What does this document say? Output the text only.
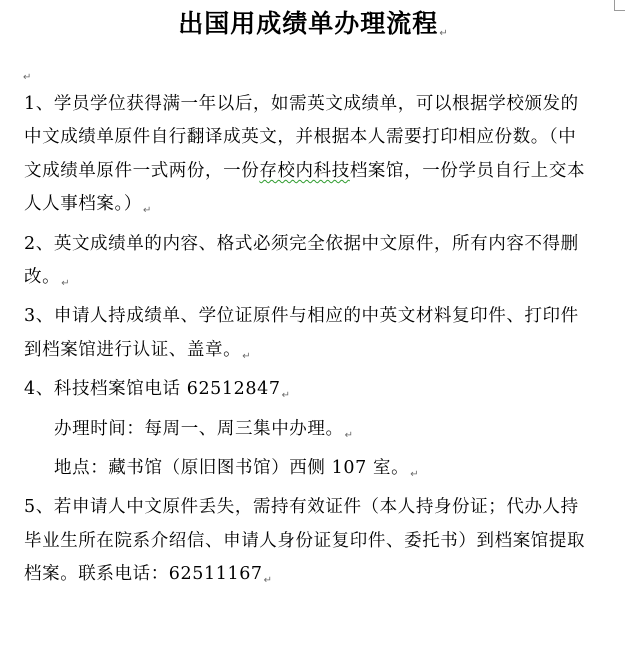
出国用成绩单办理流程↵
$_↵$

1、学员学位获得满一年以后，如需英文成绩单，可以根据学校颁发的中文成绩单原件自行翻译成英文，并根据本人需要打印相应份数。（中文成绩单原件一式两份，一份存校内科技档案馆，一份学员自行上交本人人事档案。）$_↵$

2、英文成绩单的内容、格式必须完全依据中文原件，所有内容不得删改。$_↵$

3、申请人持成绩单、学位证原件与相应的中英文材料复印件、打印件到档案馆进行认证、盖章。$_↵$

4、科技档案馆电话 $62512847_↵$

办理时间：每周一、周三集中办理。$_↵$

地点：藏书馆（原旧图书馆）西侧 107 室。$_↵$

5、若申请人中文原件丢失，需持有效证件（本人持身份证；代办人持毕业生所在院系介绍信、申请人身份证复印件、委托书）到档案馆提取档案。联系电话：$62511167_↵$
